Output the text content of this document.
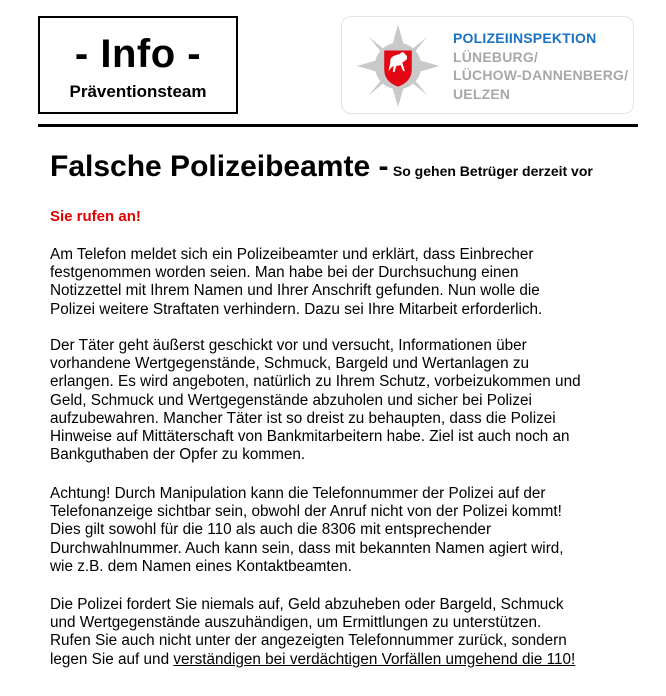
- Info -
Präventionsteam
POLIZEIINSPEKTION
LÜNEBURG/
LÜCHOW-DANNENBERG/
UELZEN
Falsche Polizeibeamte - So gehen Betrüger derzeit vor
Sie rufen an!
Am Telefon meldet sich ein Polizeibeamter und erklärt, dass Einbrecher
festgenommen worden seien. Man habe bei der Durchsuchung einen
Notizzettel mit Ihrem Namen und Ihrer Anschrift gefunden. Nun wolle die
Polizei weitere Straftaten verhindern. Dazu sei Ihre Mitarbeit erforderlich.
Der Täter geht äußerst geschickt vor und versucht, Informationen über
vorhandene Wertgegenstände, Schmuck, Bargeld und Wertanlagen zu
erlangen. Es wird angeboten, natürlich zu Ihrem Schutz, vorbeizukommen und
Geld, Schmuck und Wertgegenstände abzuholen und sicher bei Polizei
aufzubewahren. Mancher Täter ist so dreist zu behaupten, dass die Polizei
Hinweise auf Mittäterschaft von Bankmitarbeitern habe. Ziel ist auch noch an
Bankguthaben der Opfer zu kommen.
Achtung! Durch Manipulation kann die Telefonnummer der Polizei auf der
Telefonanzeige sichtbar sein, obwohl der Anruf nicht von der Polizei kommt!
Dies gilt sowohl für die 110 als auch die 8306 mit entsprechender
Durchwahlnummer. Auch kann sein, dass mit bekannten Namen agiert wird,
wie z.B. dem Namen eines Kontaktbeamten.
Die Polizei fordert Sie niemals auf, Geld abzuheben oder Bargeld, Schmuck
und Wertgegenstände auszuhändigen, um Ermittlungen zu unterstützen.
Rufen Sie auch nicht unter der angezeigten Telefonnummer zurück, sondern
legen Sie auf und verständigen bei verdächtigen Vorfällen umgehend die 110!
